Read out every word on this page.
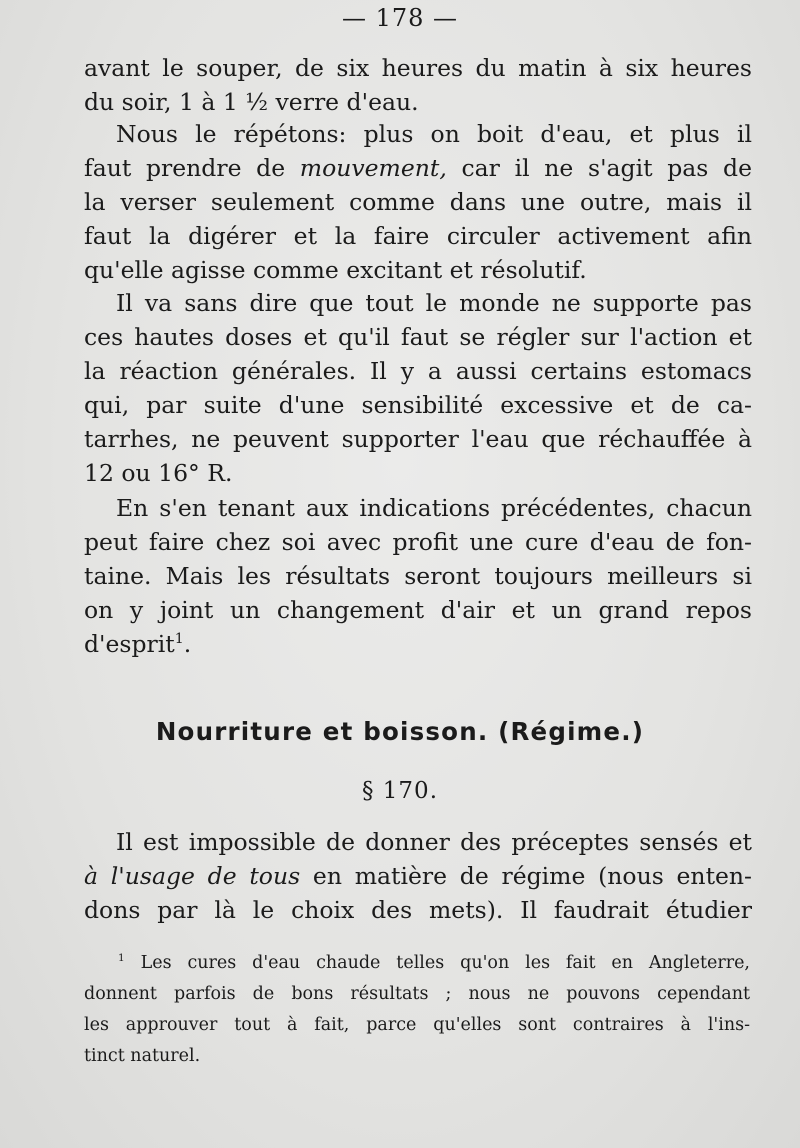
— 178 —

avant le souper, de six heures du matin à six heures

du soir, 1 à 1 ½ verre d'eau.

Nous le répétons: plus on boit d'eau, et plus il

faut prendre de mouvement, car il ne s'agit pas de

la verser seulement comme dans une outre, mais il

faut la digérer et la faire circuler activement afin

qu'elle agisse comme excitant et résolutif.

Il va sans dire que tout le monde ne supporte pas

ces hautes doses et qu'il faut se régler sur l'action et

la réaction générales. Il y a aussi certains estomacs

qui, par suite d'une sensibilité excessive et de ca-

tarrhes, ne peuvent supporter l'eau que réchauffée à

12 ou 16° R.

En s'en tenant aux indications précédentes, chacun

peut faire chez soi avec profit une cure d'eau de fon-

taine. Mais les résultats seront toujours meilleurs si

on y joint un changement d'air et un grand repos

d'esprit$^1$.

Nourriture et boisson. (Régime.)
§ 170.

Il est impossible de donner des préceptes sensés et

à l'usage de tous en matière de régime (nous enten-

dons par là le choix des mets). Il faudrait étudier

$^1$ Les cures d'eau chaude telles qu'on les fait en Angleterre,

donnent parfois de bons résultats ; nous ne pouvons cependant

les approuver tout à fait, parce qu'elles sont contraires à l'ins-

tinct naturel.
